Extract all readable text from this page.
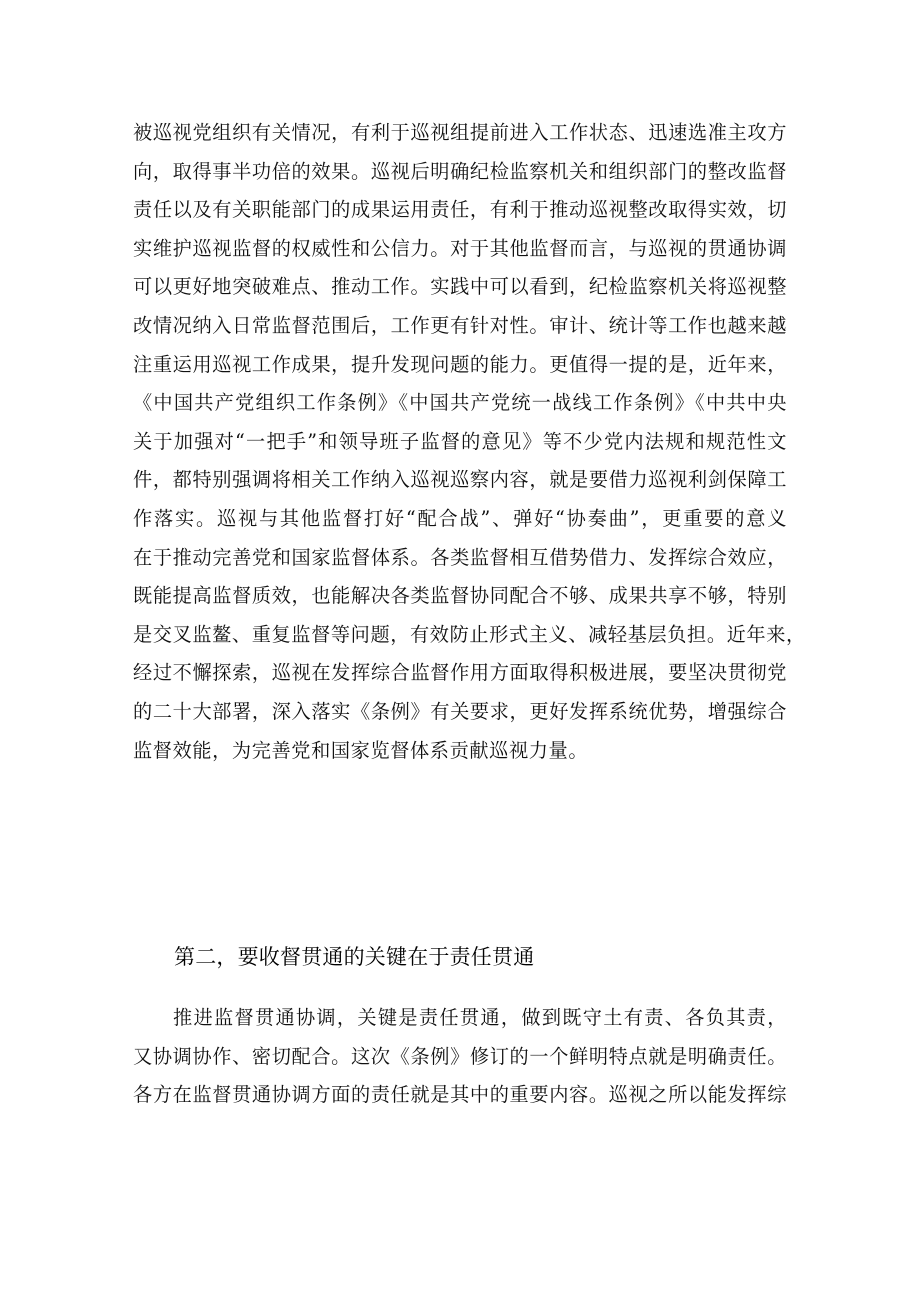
被巡视党组织有关情况，有利于巡视组提前进入工作状态、迅速选准主攻方
向，取得事半功倍的效果。巡视后明确纪检监察机关和组织部门的整改监督
责任以及有关职能部门的成果运用责任，有利于推动巡视整改取得实效，切
实维护巡视监督的权威性和公信力。对于其他监督而言，与巡视的贯通协调
可以更好地突破难点、推动工作。实践中可以看到，纪检监察机关将巡视整
改情况纳入日常监督范围后，工作更有针对性。审计、统计等工作也越来越
注重运用巡视工作成果，提升发现问题的能力。更值得一提的是，近年来，
《中国共产党组织工作条例》《中国共产党统一战线工作条例》《中共中央
关于加强对“一把手”和领导班子监督的意见》等不少党内法规和规范性文
件，都特别强调将相关工作纳入巡视巡察内容，就是要借力巡视利剑保障工
作落实。巡视与其他监督打好“配合战”、弹好“协奏曲”，更重要的意义
在于推动完善党和国家监督体系。各类监督相互借势借力、发挥综合效应，
既能提高监督质效，也能解决各类监督协同配合不够、成果共享不够，特别
是交叉监鳌、重复监督等问题，有效防止形式主义、减轻基层负担。近年来，
经过不懈探索，巡视在发挥综合监督作用方面取得积极进展，要坚决贯彻党
的二十大部署，深入落实《条例》有关要求，更好发挥系统优势，增强综合
监督效能，为完善党和国家览督体系贡献巡视力量。

第二，要收督贯通的关键在于责任贯通

推进监督贯通协调，关键是责任贯通，做到既守土有责、各负其责，
又协调协作、密切配合。这次《条例》修订的一个鲜明特点就是明确责任。
各方在监督贯通协调方面的责任就是其中的重要内容。巡视之所以能发挥综
